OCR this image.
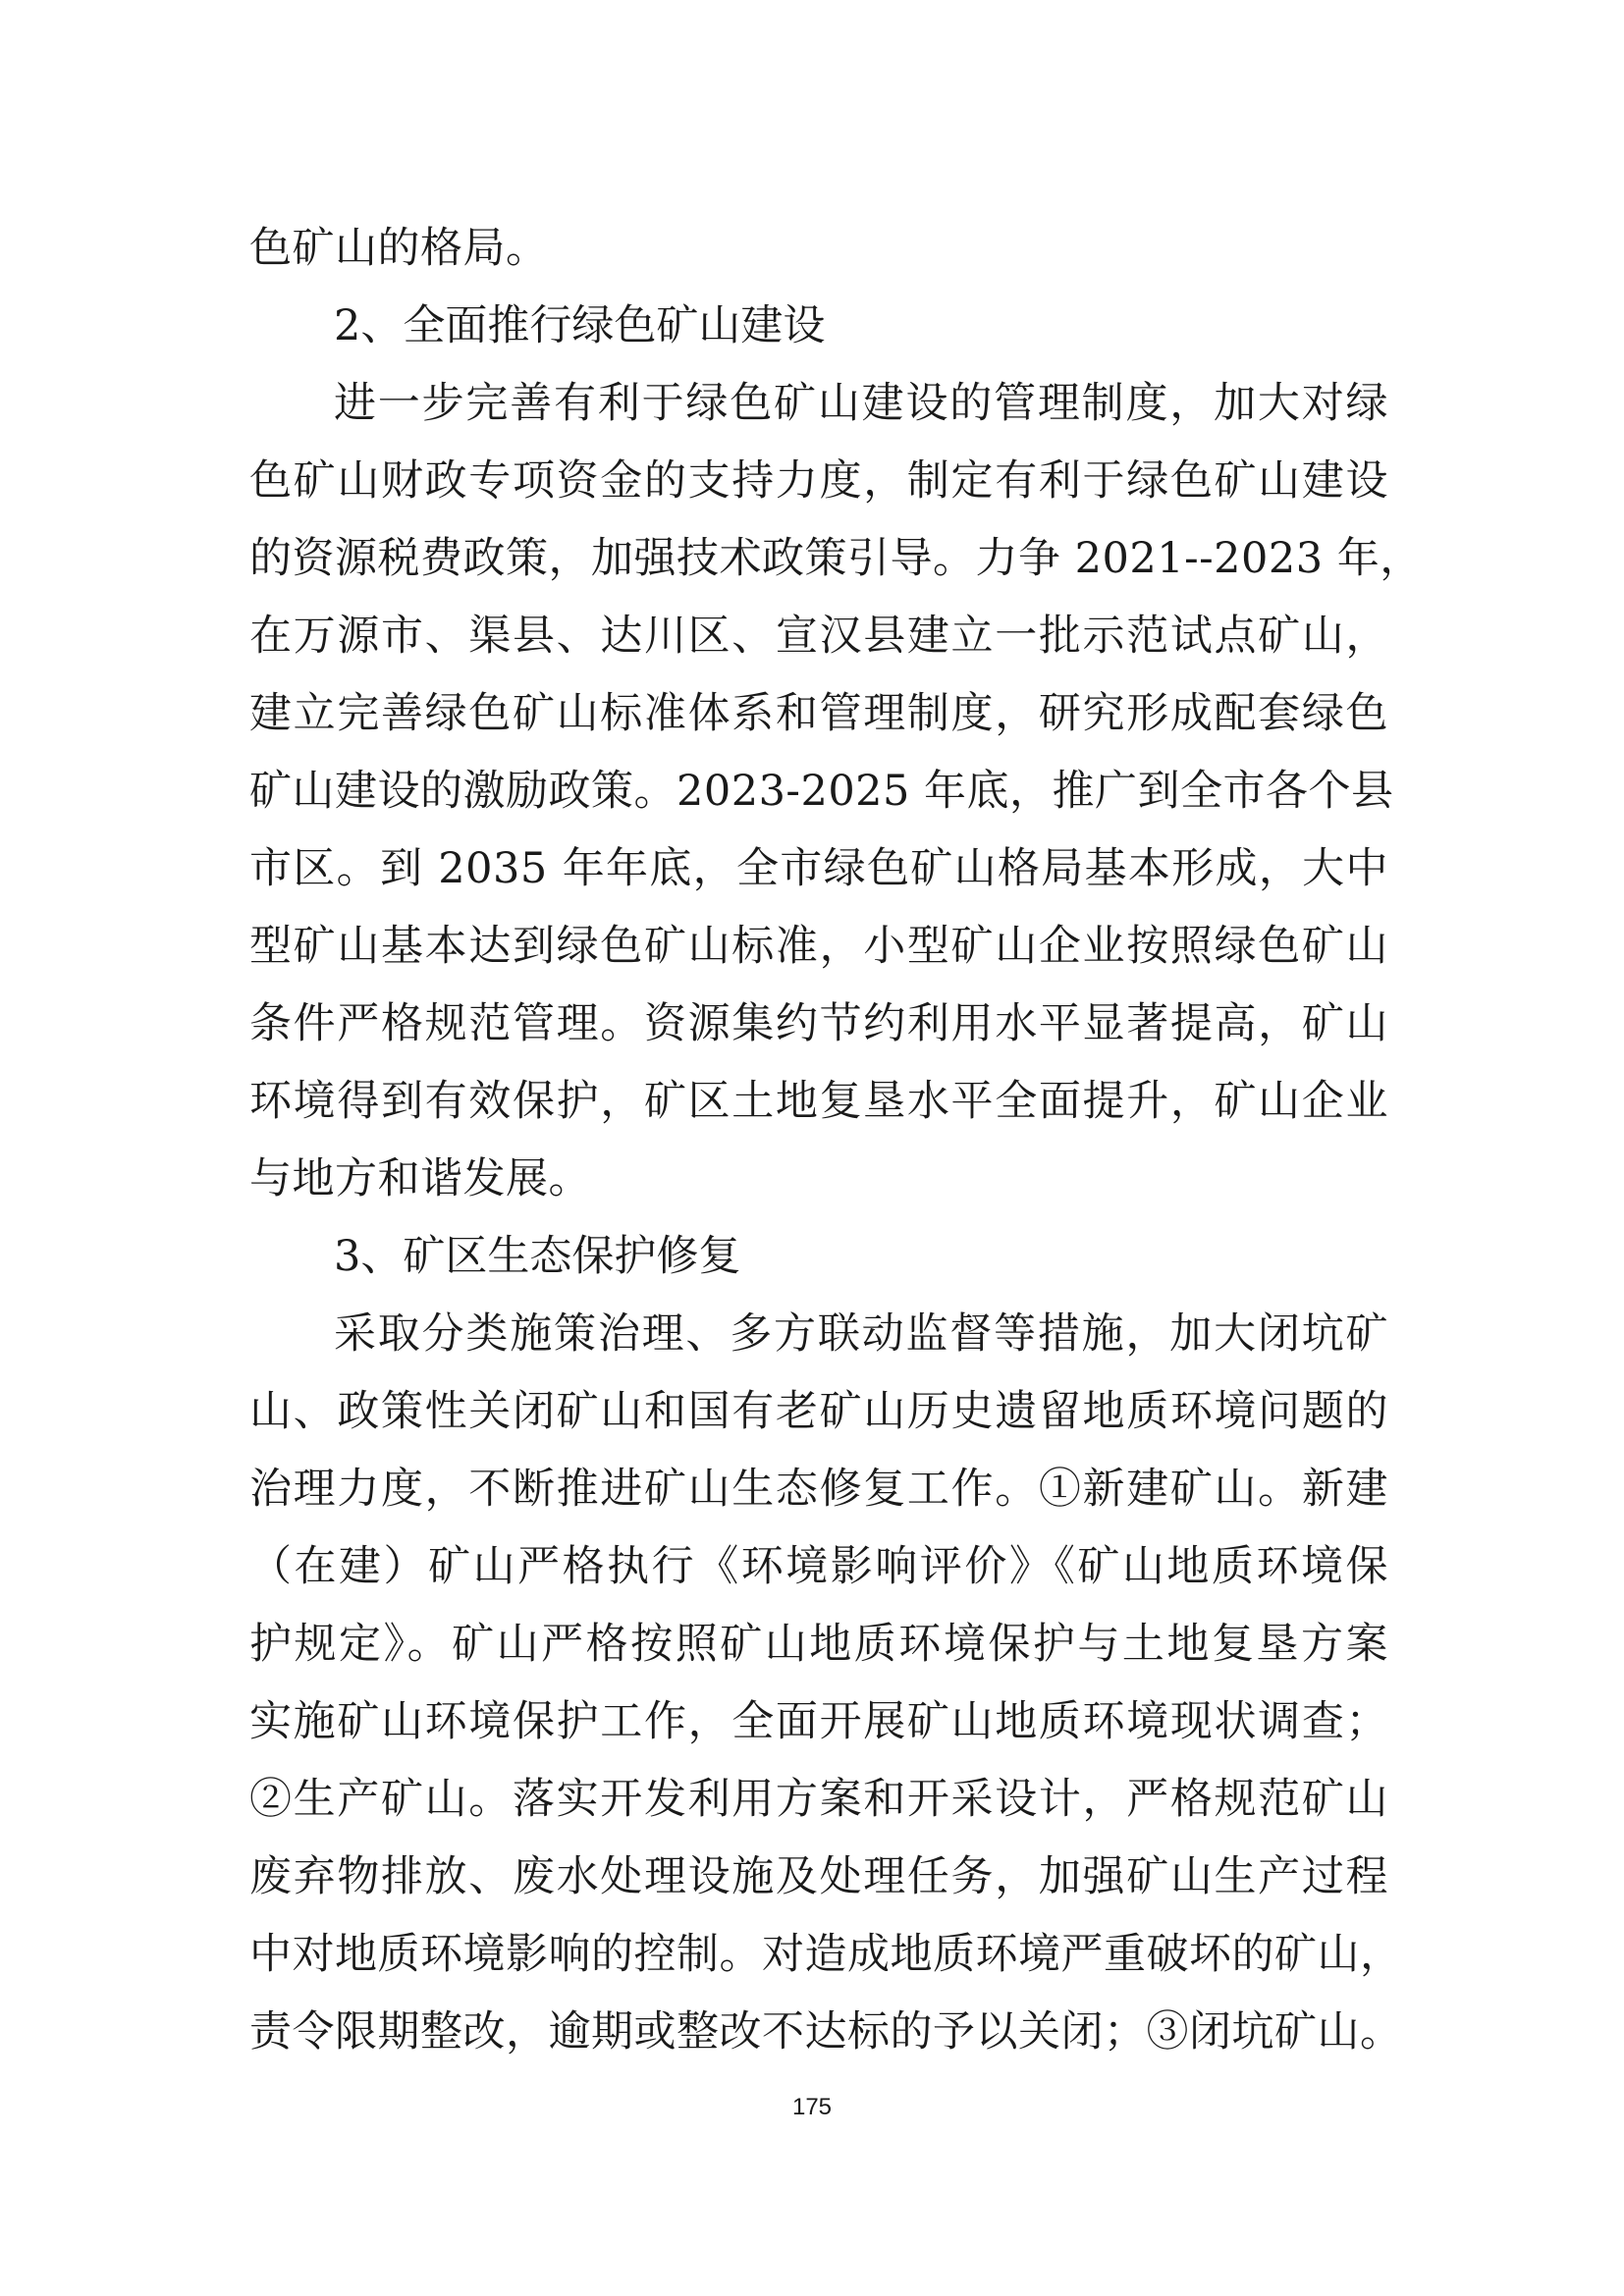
色矿山的格局。
2、全面推行绿色矿山建设
进一步完善有利于绿色矿山建设的管理制度，加大对绿
色矿山财政专项资金的支持力度，制定有利于绿色矿山建设
的资源税费政策，加强技术政策引导。力争 2021--2023 年，
在万源市、渠县、达川区、宣汉县建立一批示范试点矿山，
建立完善绿色矿山标准体系和管理制度，研究形成配套绿色
矿山建设的激励政策。2023-2025 年底，推广到全市各个县
市区。到 2035 年年底，全市绿色矿山格局基本形成，大中
型矿山基本达到绿色矿山标准，小型矿山企业按照绿色矿山
条件严格规范管理。资源集约节约利用水平显著提高，矿山
环境得到有效保护，矿区土地复垦水平全面提升，矿山企业
与地方和谐发展。
3、矿区生态保护修复
采取分类施策治理、多方联动监督等措施，加大闭坑矿
山、政策性关闭矿山和国有老矿山历史遗留地质环境问题的
治理力度，不断推进矿山生态修复工作。①新建矿山。新建
（在建）矿山严格执行《环境影响评价》《矿山地质环境保
护规定》。矿山严格按照矿山地质环境保护与土地复垦方案
实施矿山环境保护工作，全面开展矿山地质环境现状调查；
②生产矿山。落实开发利用方案和开采设计，严格规范矿山
废弃物排放、废水处理设施及处理任务，加强矿山生产过程
中对地质环境影响的控制。对造成地质环境严重破坏的矿山，
责令限期整改，逾期或整改不达标的予以关闭；③闭坑矿山。
175
